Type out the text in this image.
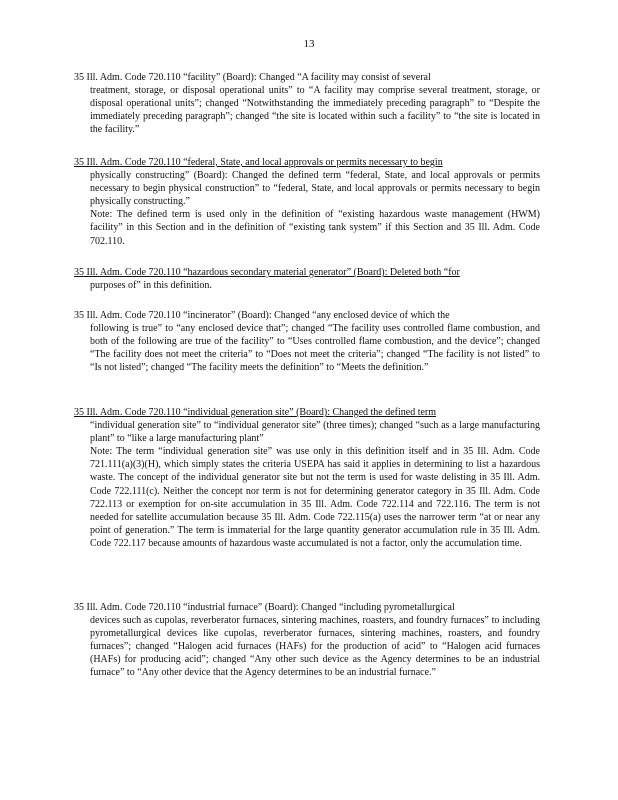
13

35 Ill. Adm. Code 720.110 “facility” (Board): Changed “A facility may consist of several

treatment, storage, or disposal operational units” to “A facility may comprise several treatment, storage, or disposal operational units”; changed “Notwithstanding the immediately preceding paragraph” to “Despite the immediately preceding paragraph”; changed “the site is located within such a facility” to “the site is located in the facility.”

35 Ill. Adm. Code 720.110 “federal, State, and local approvals or permits necessary to begin

physically constructing” (Board): Changed the defined term “federal, State, and local approvals or permits necessary to begin physical construction” to “federal, State, and local approvals or permits necessary to begin physically constructing.”

Note: The defined term is used only in the definition of “existing hazardous waste management (HWM) facility” in this Section and in the definition of “existing tank system” if this Section and 35 Ill. Adm. Code 702.110.

35 Ill. Adm. Code 720.110 “hazardous secondary material generator” (Board): Deleted both “for

purposes of” in this definition.

35 Ill. Adm. Code 720.110 “incinerator” (Board): Changed “any enclosed device of which the

following is true” to “any enclosed device that”; changed “The facility uses controlled flame combustion, and both of the following are true of the facility” to “Uses controlled flame combustion, and the device”; changed “The facility does not meet the criteria” to “Does not meet the criteria”; changed “The facility is not listed” to “Is not listed”; changed “The facility meets the definition” to “Meets the definition.”

35 Ill. Adm. Code 720.110 “individual generation site” (Board): Changed the defined term

“individual generation site” to “individual generator site” (three times); changed “such as a large manufacturing plant” to “like a large manufacturing plant”

Note: The term “individual generation site” was use only in this definition itself and in 35 Ill. Adm. Code 721.111(a)(3)(H), which simply states the criteria USEPA has said it applies in determining to list a hazardous waste. The concept of the individual generator site but not the term is used for waste delisting in 35 Ill. Adm. Code 722.111(c). Neither the concept nor term is not for determining generator category in 35 Ill. Adm. Code 722.113 or exemption for on-site accumulation in 35 Ill. Adm. Code 722.114 and 722.116. The term is not needed for satellite accumulation because 35 Ill. Adm. Code 722.115(a) uses the narrower term “at or near any point of generation.” The term is immaterial for the large quantity generator accumulation rule in 35 Ill. Adm. Code 722.117 because amounts of hazardous waste accumulated is not a factor, only the accumulation time.

35 Ill. Adm. Code 720.110 “industrial furnace” (Board): Changed “including pyrometallurgical

devices such as cupolas, reverberator furnaces, sintering machines, roasters, and foundry furnaces” to including pyrometallurgical devices like cupolas, reverberator furnaces, sintering machines, roasters, and foundry furnaces”; changed “Halogen acid furnaces (HAFs) for the production of acid” to “Halogen acid furnaces (HAFs) for producing acid”; changed “Any other such device as the Agency determines to be an industrial furnace” to “Any other device that the Agency determines to be an industrial furnace.”
